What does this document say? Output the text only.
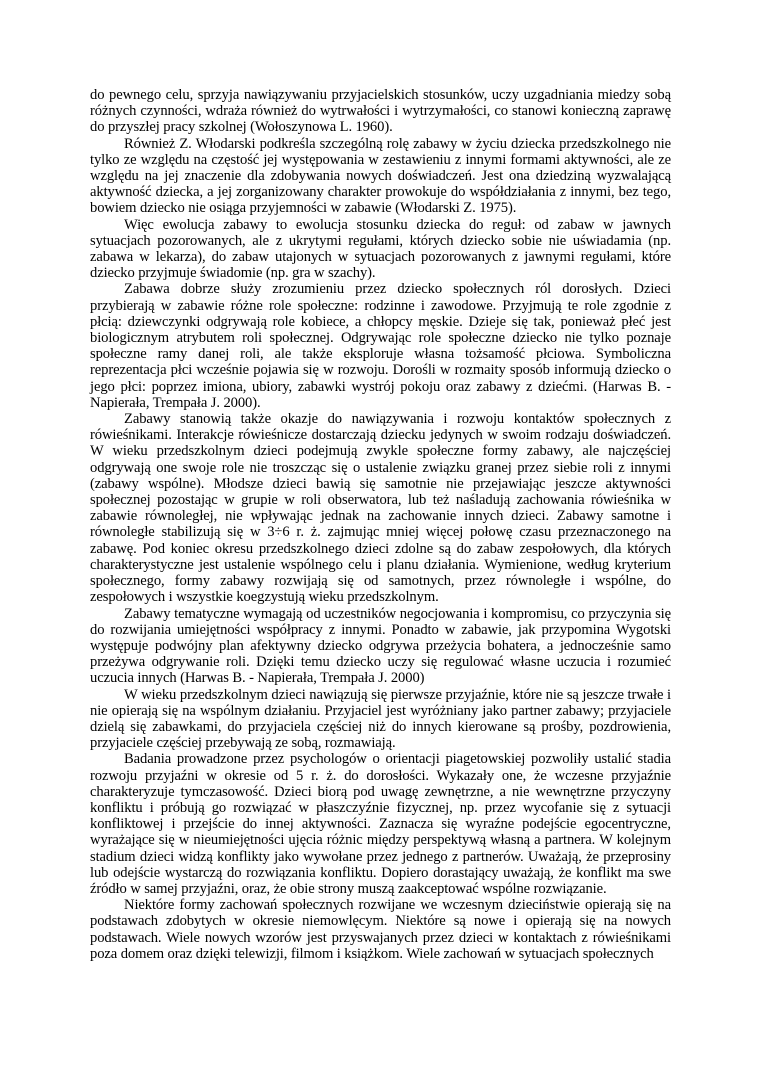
do pewnego celu, sprzyja nawiązywaniu przyjacielskich stosunków, uczy uzgadniania miedzy sobą różnych czynności, wdraża również do wytrwałości i wytrzymałości, co stanowi konieczną zaprawę do przyszłej pracy szkolnej (Wołoszynowa L. 1960).

Również Z. Włodarski podkreśla szczególną rolę zabawy w życiu dziecka przedszkolnego nie tylko ze względu na częstość jej występowania w zestawieniu z innymi formami aktywności, ale ze względu na jej znaczenie dla zdobywania nowych doświadczeń. Jest ona dziedziną wyzwalającą aktywność dziecka, a jej zorganizowany charakter prowokuje do współdziałania z innymi, bez tego, bowiem dziecko nie osiąga przyjemności w zabawie (Włodarski Z. 1975).

Więc ewolucja zabawy to ewolucja stosunku dziecka do reguł: od zabaw w jawnych sytuacjach pozorowanych, ale z ukrytymi regułami, których dziecko sobie nie uświadamia (np. zabawa w lekarza), do zabaw utajonych w sytuacjach pozorowanych z jawnymi regułami, które dziecko przyjmuje świadomie (np. gra w szachy).

Zabawa dobrze służy zrozumieniu przez dziecko społecznych ról dorosłych. Dzieci przybierają w zabawie różne role społeczne: rodzinne i zawodowe. Przyjmują te role zgodnie z płcią: dziewczynki odgrywają role kobiece, a chłopcy męskie. Dzieje się tak, ponieważ płeć jest biologicznym atrybutem roli społecznej. Odgrywając role społeczne dziecko nie tylko poznaje społeczne ramy danej roli, ale także eksploruje własna tożsamość płciowa. Symboliczna reprezentacja płci wcześnie pojawia się w rozwoju. Dorośli w rozmaity sposób informują dziecko o jego płci: poprzez imiona, ubiory, zabawki wystrój pokoju oraz zabawy z dziećmi. (Harwas B. - Napierała, Trempała J. 2000).

Zabawy stanowią także okazje do nawiązywania i rozwoju kontaktów społecznych z rówieśnikami. Interakcje rówieśnicze dostarczają dziecku jedynych w swoim rodzaju doświadczeń. W wieku przedszkolnym dzieci podejmują zwykle społeczne formy zabawy, ale najczęściej odgrywają one swoje role nie troszcząc się o ustalenie związku granej przez siebie roli z innymi (zabawy wspólne). Młodsze dzieci bawią się samotnie nie przejawiając jeszcze aktywności społecznej pozostając w grupie w roli obserwatora, lub też naśladują zachowania rówieśnika w zabawie równoległej, nie wpływając jednak na zachowanie innych dzieci. Zabawy samotne i równoległe stabilizują się w 3÷6 r. ż. zajmując mniej więcej połowę czasu przeznaczonego na zabawę. Pod koniec okresu przedszkolnego dzieci zdolne są do zabaw zespołowych, dla których charakterystyczne jest ustalenie wspólnego celu i planu działania. Wymienione, według kryterium społecznego, formy zabawy rozwijają się od samotnych, przez równoległe i wspólne, do zespołowych i wszystkie koegzystują wieku przedszkolnym.

Zabawy tematyczne wymagają od uczestników negocjowania i kompromisu, co przyczynia się do rozwijania umiejętności współpracy z innymi. Ponadto w zabawie, jak przypomina Wygotski występuje podwójny plan afektywny dziecko odgrywa przeżycia bohatera, a jednocześnie samo przeżywa odgrywanie roli. Dzięki temu dziecko uczy się regulować własne uczucia i rozumieć uczucia innych (Harwas B. - Napierała, Trempała J. 2000)

W wieku przedszkolnym dzieci nawiązują się pierwsze przyjaźnie, które nie są jeszcze trwałe i nie opierają się na wspólnym działaniu. Przyjaciel jest wyróżniany jako partner zabawy; przyjaciele dzielą się zabawkami, do przyjaciela częściej niż do innych kierowane są prośby, pozdrowienia, przyjaciele częściej przebywają ze sobą, rozmawiają.

Badania prowadzone przez psychologów o orientacji piagetowskiej pozwoliły ustalić stadia rozwoju przyjaźni w okresie od 5 r. ż. do dorosłości. Wykazały one, że wczesne przyjaźnie charakteryzuje tymczasowość. Dzieci biorą pod uwagę zewnętrzne, a nie wewnętrzne przyczyny konfliktu i próbują go rozwiązać w płaszczyźnie fizycznej, np. przez wycofanie się z sytuacji konfliktowej i przejście do innej aktywności. Zaznacza się wyraźne podejście egocentryczne, wyrażające się w nieumiejętności ujęcia różnic między perspektywą własną a partnera. W kolejnym stadium dzieci widzą konflikty jako wywołane przez jednego z partnerów. Uważają, że przeprosiny lub odejście wystarczą do rozwiązania konfliktu. Dopiero dorastający uważają, że konflikt ma swe źródło w samej przyjaźni, oraz, że obie strony muszą zaakceptować wspólne rozwiązanie.

Niektóre formy zachowań społecznych rozwijane we wczesnym dzieciństwie opierają się na podstawach zdobytych w okresie niemowlęcym. Niektóre są nowe i opierają się na nowych podstawach. Wiele nowych wzorów jest przyswajanych przez dzieci w kontaktach z rówieśnikami poza domem oraz dzięki telewizji, filmom i książkom. Wiele zachowań w sytuacjach społecznych
